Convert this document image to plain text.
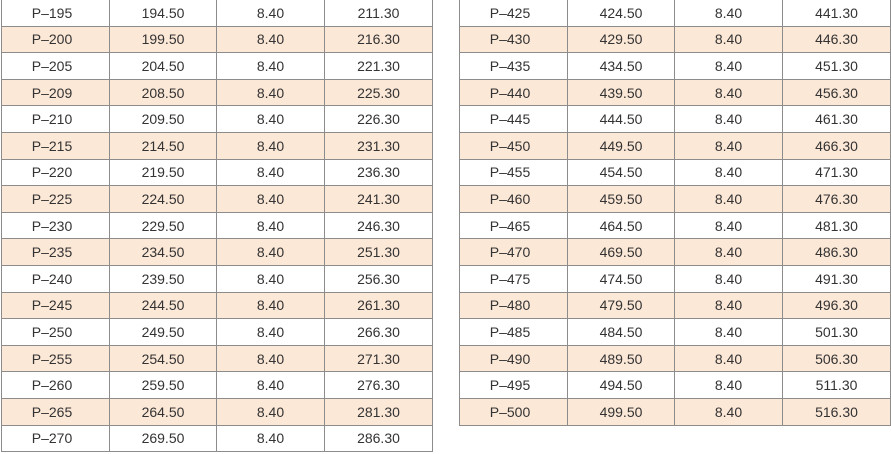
P–195	194.50	8.40	211.30
P–200	199.50	8.40	216.30
P–205	204.50	8.40	221.30
P–209	208.50	8.40	225.30
P–210	209.50	8.40	226.30
P–215	214.50	8.40	231.30
P–220	219.50	8.40	236.30
P–225	224.50	8.40	241.30
P–230	229.50	8.40	246.30
P–235	234.50	8.40	251.30
P–240	239.50	8.40	256.30
P–245	244.50	8.40	261.30
P–250	249.50	8.40	266.30
P–255	254.50	8.40	271.30
P–260	259.50	8.40	276.30
P–265	264.50	8.40	281.30
P–270	269.50	8.40	286.30
P–425	424.50	8.40	441.30
P–430	429.50	8.40	446.30
P–435	434.50	8.40	451.30
P–440	439.50	8.40	456.30
P–445	444.50	8.40	461.30
P–450	449.50	8.40	466.30
P–455	454.50	8.40	471.30
P–460	459.50	8.40	476.30
P–465	464.50	8.40	481.30
P–470	469.50	8.40	486.30
P–475	474.50	8.40	491.30
P–480	479.50	8.40	496.30
P–485	484.50	8.40	501.30
P–490	489.50	8.40	506.30
P–495	494.50	8.40	511.30
P–500	499.50	8.40	516.30
